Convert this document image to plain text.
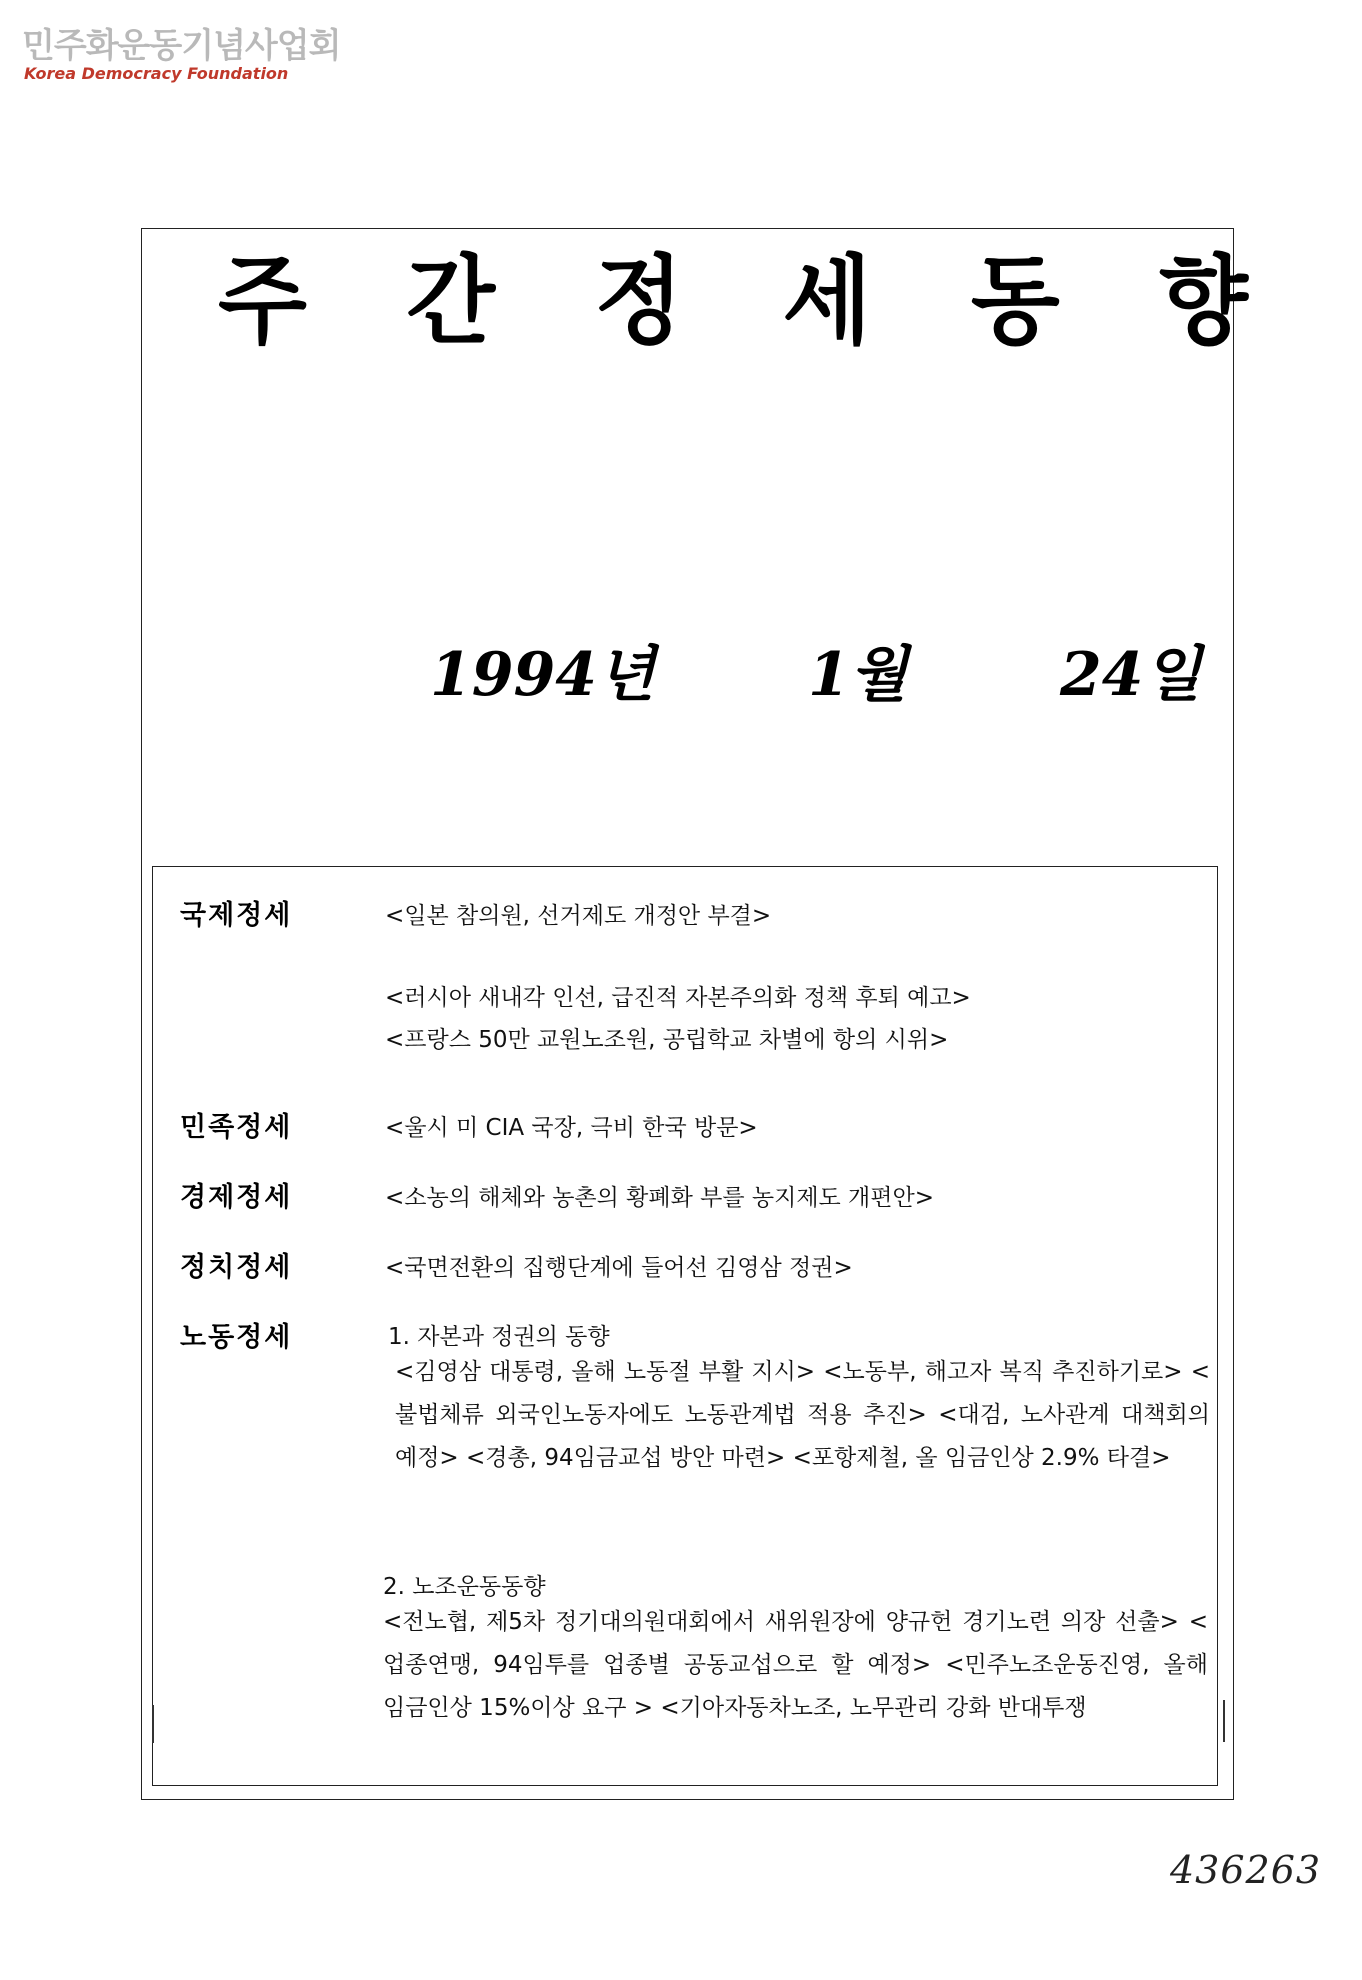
민주화운동기념사업회
Korea Democracy Foundation
주 간 정 세 동 향
1994년	1월	24일
국제정세	<일본 참의원, 선거제도 개정안 부결>
<러시아 새내각 인선, 급진적 자본주의화 정책 후퇴 예고>
<프랑스 50만 교원노조원, 공립학교 차별에 항의 시위>
민족정세	<울시 미 CIA 국장, 극비 한국 방문>
경제정세	<소농의 해체와 농촌의 황폐화 부를 농지제도 개편안>
정치정세	<국면전환의 집행단계에 들어선 김영삼 정권>
노동정세	1. 자본과 정권의 동향
<김영삼 대통령, 올해 노동절 부활 지시> <노동부, 해고자 복직 추진하기로> <불법체류 외국인노동자에도 노동관계법 적용 추진> <대검, 노사관계 대책회의 예정> <경총, 94임금교섭 방안 마련> <포항제철, 올 임금인상 2.9% 타결>
2. 노조운동동향
<전노협, 제5차 정기대의원대회에서 새위원장에 양규헌 경기노련 의장 선출> <업종연맹, 94임투를 업종별 공동교섭으로 할 예정> <민주노조운동진영, 올해 임금인상 15%이상 요구 > <기아자동차노조, 노무관리 강화 반대투쟁
436263
